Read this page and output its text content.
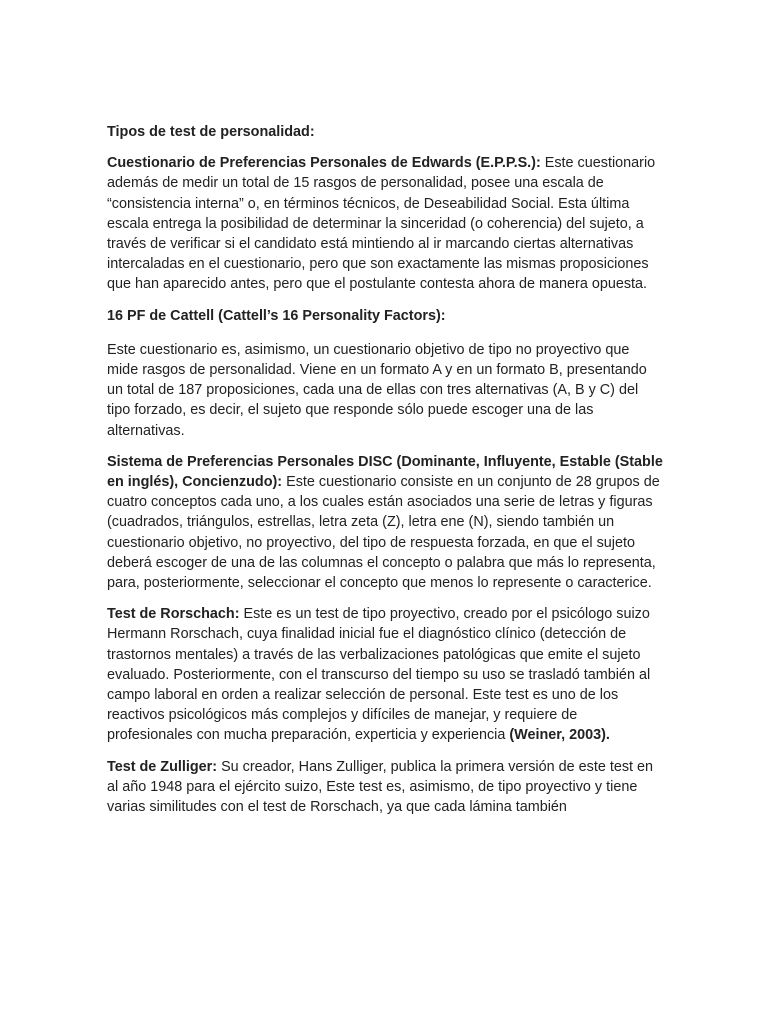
Tipos de test de personalidad:

Cuestionario de Preferencias Personales de Edwards (E.P.P.S.): Este cuestionario además de medir un total de 15 rasgos de personalidad, posee una escala de “consistencia interna” o, en términos técnicos, de Deseabilidad Social. Esta última escala entrega la posibilidad de determinar la sinceridad (o coherencia) del sujeto, a través de verificar si el candidato está mintiendo al ir marcando ciertas alternativas intercaladas en el cuestionario, pero que son exactamente las mismas proposiciones que han aparecido antes, pero que el postulante contesta ahora de manera opuesta.

16 PF de Cattell (Cattell’s 16 Personality Factors):

Este cuestionario es, asimismo, un cuestionario objetivo de tipo no proyectivo que mide rasgos de personalidad. Viene en un formato A y en un formato B, presentando un total de 187 proposiciones, cada una de ellas con tres alternativas (A, B y C) del tipo forzado, es decir, el sujeto que responde sólo puede escoger una de las alternativas.

Sistema de Preferencias Personales DISC (Dominante, Influyente, Estable (Stable en inglés), Concienzudo): Este cuestionario consiste en un conjunto de 28 grupos de cuatro conceptos cada uno, a los cuales están asociados una serie de letras y figuras (cuadrados, triángulos, estrellas, letra zeta (Z), letra ene (N), siendo también un cuestionario objetivo, no proyectivo, del tipo de respuesta forzada, en que el sujeto deberá escoger de una de las columnas el concepto o palabra que más lo representa, para, posteriormente, seleccionar el concepto que menos lo represente o caracterice.

Test de Rorschach: Este es un test de tipo proyectivo, creado por el psicólogo suizo Hermann Rorschach, cuya finalidad inicial fue el diagnóstico clínico (detección de trastornos mentales) a través de las verbalizaciones patológicas que emite el sujeto evaluado. Posteriormente, con el transcurso del tiempo su uso se trasladó también al campo laboral en orden a realizar selección de personal. Este test es uno de los reactivos psicológicos más complejos y difíciles de manejar, y requiere de profesionales con mucha preparación, experticia y experiencia (Weiner, 2003).

Test de Zulliger: Su creador, Hans Zulliger, publica la primera versión de este test en al año 1948 para el ejército suizo, Este test es, asimismo, de tipo proyectivo y tiene varias similitudes con el test de Rorschach, ya que cada lámina también
